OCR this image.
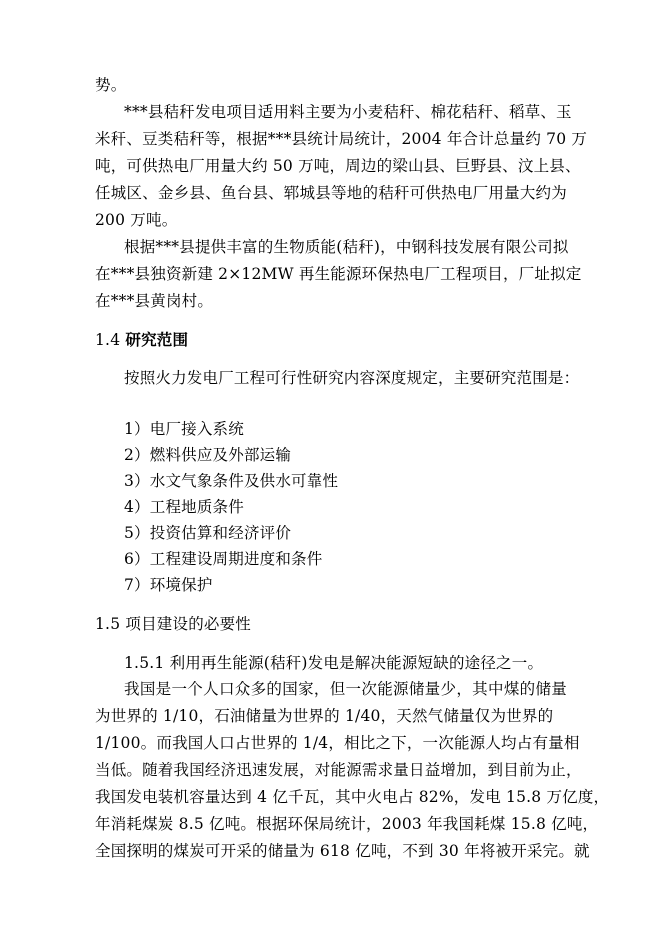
势。
***县秸秆发电项目适用料主要为小麦秸秆、棉花秸秆、稻草、玉
米秆、豆类秸秆等，根据***县统计局统计，2004 年合计总量约 70 万
吨，可供热电厂用量大约 50 万吨，周边的梁山县、巨野县、汶上县、
任城区、金乡县、鱼台县、郓城县等地的秸秆可供热电厂用量大约为
200 万吨。
根据***县提供丰富的生物质能(秸秆)，中钢科技发展有限公司拟
在***县独资新建 2×12MW 再生能源环保热电厂工程项目，厂址拟定
在***县黄岗村。
1.4 研究范围
按照火力发电厂工程可行性研究内容深度规定，主要研究范围是：
1）电厂接入系统
2）燃料供应及外部运输
3）水文气象条件及供水可靠性
4）工程地质条件
5）投资估算和经济评价
6）工程建设周期进度和条件
7）环境保护
1.5 项目建设的必要性
1.5.1 利用再生能源(秸秆)发电是解决能源短缺的途径之一。
我国是一个人口众多的国家，但一次能源储量少，其中煤的储量
为世界的 1/10，石油储量为世界的 1/40，天然气储量仅为世界的
1/100。而我国人口占世界的 1/4，相比之下，一次能源人均占有量相
当低。随着我国经济迅速发展，对能源需求量日益增加，到目前为止，
我国发电装机容量达到 4 亿千瓦，其中火电占 82%，发电 15.8 万亿度，
年消耗煤炭 8.5 亿吨。根据环保局统计，2003 年我国耗煤 15.8 亿吨，
全国探明的煤炭可开采的储量为 618 亿吨，不到 30 年将被开采完。就
